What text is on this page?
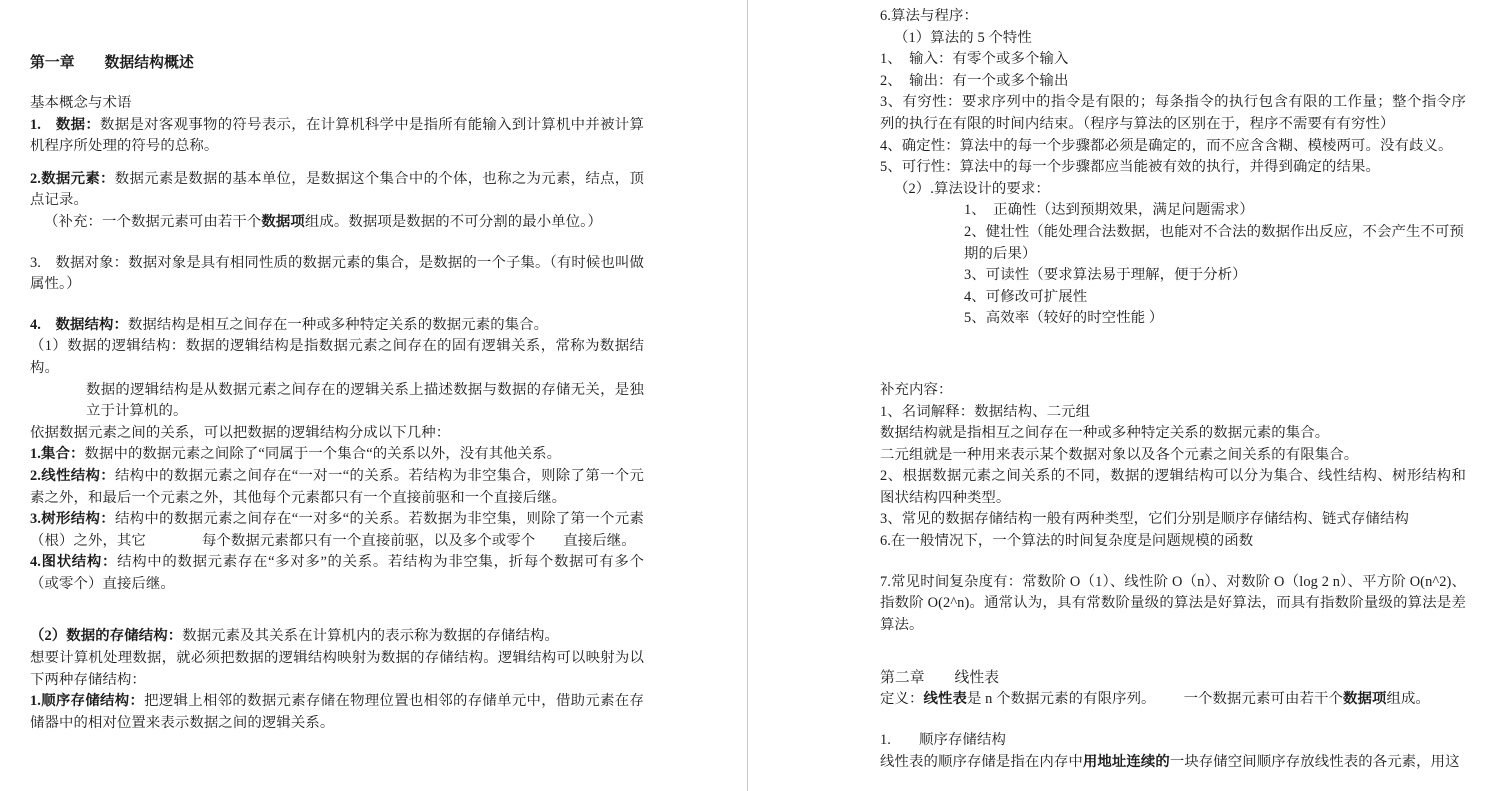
第一章　　数据结构概述

基本概念与术语

1.　数据：数据是对客观事物的符号表示，在计算机科学中是指所有能输入到计算机中并被计算机程序所处理的符号的总称。

2.数据元素：数据元素是数据的基本单位，是数据这个集合中的个体，也称之为元素，结点，顶点记录。

（补充：一个数据元素可由若干个数据项组成。数据项是数据的不可分割的最小单位。）

3.　数据对象：数据对象是具有相同性质的数据元素的集合，是数据的一个子集。（有时候也叫做属性。）

4.　数据结构：数据结构是相互之间存在一种或多种特定关系的数据元素的集合。

（1）数据的逻辑结构：数据的逻辑结构是指数据元素之间存在的固有逻辑关系，常称为数据结构。

数据的逻辑结构是从数据元素之间存在的逻辑关系上描述数据与数据的存储无关，是独立于计算机的。

依据数据元素之间的关系，可以把数据的逻辑结构分成以下几种：

1.集合：数据中的数据元素之间除了“同属于一个集合“的关系以外，没有其他关系。

2.线性结构：结构中的数据元素之间存在“一对一“的关系。若结构为非空集合，则除了第一个元素之外，和最后一个元素之外，其他每个元素都只有一个直接前驱和一个直接后继。

3.树形结构：结构中的数据元素之间存在“一对多“的关系。若数据为非空集，则除了第一个元素（根）之外，其它	每个数据元素都只有一个直接前驱，以及多个或零个 直接后继。

4.图状结构：结构中的数据元素存在“多对多”的关系。若结构为非空集，折每个数据可有多个（或零个）直接后继。

（2）数据的存储结构：数据元素及其关系在计算机内的表示称为数据的存储结构。

想要计算机处理数据，就必须把数据的逻辑结构映射为数据的存储结构。逻辑结构可以映射为以下两种存储结构：

1.顺序存储结构：把逻辑上相邻的数据元素存储在物理位置也相邻的存储单元中，借助元素在存储器中的相对位置来表示数据之间的逻辑关系。

6.算法与程序：

（1）算法的 5 个特性

1、　输入：有零个或多个输入

2、　输出：有一个或多个输出

3、有穷性：要求序列中的指令是有限的；每条指令的执行包含有限的工作量；整个指令序列的执行在有限的时间内结束。（程序与算法的区别在于，程序不需要有有穷性）

4、确定性：算法中的每一个步骤都必须是确定的，而不应含含糊、模棱两可。没有歧义。

5、可行性：算法中的每一个步骤都应当能被有效的执行，并得到确定的结果。

（2）.算法设计的要求：

1、　正确性（达到预期效果，满足问题需求）

2、健壮性（能处理合法数据，也能对不合法的数据作出反应，不会产生不可预期的后果）

3、可读性（要求算法易于理解，便于分析）

4、可修改可扩展性

5、高效率（较好的时空性能 ）

补充内容：

1、名词解释：数据结构、二元组

数据结构就是指相互之间存在一种或多种特定关系的数据元素的集合。

二元组就是一种用来表示某个数据对象以及各个元素之间关系的有限集合。

2、根据数据元素之间关系的不同，数据的逻辑结构可以分为集合、线性结构、树形结构和图状结构四种类型。

3、常见的数据存储结构一般有两种类型，它们分别是顺序存储结构、链式存储结构

6.在一般情况下，一个算法的时间复杂度是问题规模的函数

7.常见时间复杂度有：常数阶 O（1）、线性阶 O（n）、对数阶 O（log 2 n）、平方阶 O(n^2)、指数阶 O(2^n)。通常认为，具有常数阶量级的算法是好算法，而具有指数阶量级的算法是差算法。

第二章　　线性表

定义：线性表是 n 个数据元素的有限序列。 一个数据元素可由若干个数据项组成。

1. 顺序存储结构

线性表的顺序存储是指在内存中用地址连续的一块存储空间顺序存放线性表的各元素，用这
